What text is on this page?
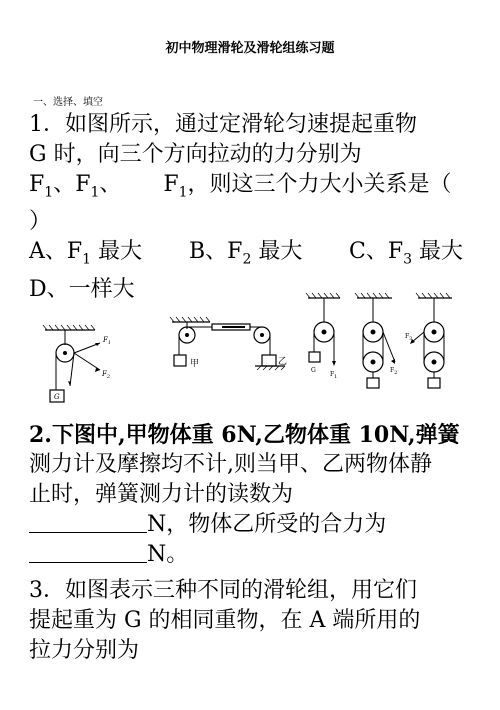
初中物理滑轮及滑轮组练习题
一、选择、填空
1．如图所示，通过定滑轮匀速提起重物
G 时，向三个方向拉动的力分别为
$F_1$、$F_1$、 $F_1$，则这三个力大小关系是（
）
A、$F_1$ 最大 B、$F_2$ 最大 C、$F_3$ 最大
D、一样大
$F_1$
$F_2$
G
甲	乙
G
$F_1$
$F_2$
$F_3$
2.下图中,甲物体重 6N,乙物体重 10N,弹簧
测力计及摩擦均不计,则当甲、乙两物体静
止时，弹簧测力计的读数为
N，物体乙所受的合力为
N。
3．如图表示三种不同的滑轮组，用它们
提起重为 G 的相同重物，在 A 端所用的
拉力分别为
